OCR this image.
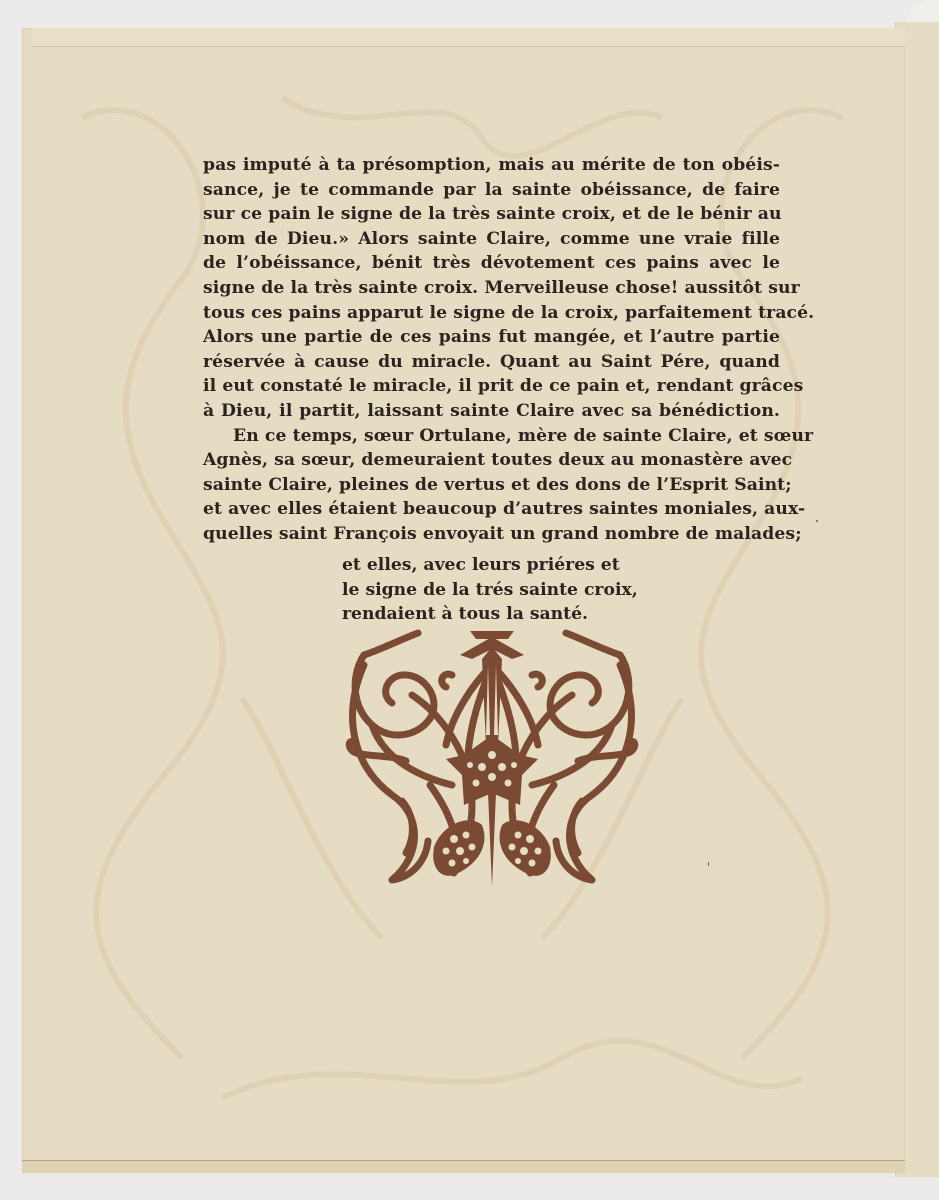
pas imputé à ta présomption, mais au mérite de ton obéis-
sance, je te commande par la sainte obéissance, de faire
sur ce pain le signe de la très sainte croix, et de le bénir au
nom de Dieu.» Alors sainte Claire, comme une vraie fille
de l’obéissance, bénit très dévotement ces pains avec le
signe de la très sainte croix. Merveilleuse chose! aussitôt sur
tous ces pains apparut le signe de la croix, parfaitement tracé.
Alors une partie de ces pains fut mangée, et l’autre partie
réservée à cause du miracle. Quant au Saint Pére, quand
il eut constaté le miracle, il prit de ce pain et, rendant grâces
à Dieu, il partit, laissant sainte Claire avec sa bénédiction.
En ce temps, sœur Ortulane, mère de sainte Claire, et sœur
Agnès, sa sœur, demeuraient toutes deux au monastère avec
sainte Claire, pleines de vertus et des dons de l’Esprit Saint;
et avec elles étaient beaucoup d’autres saintes moniales, aux-
quelles saint François envoyait un grand nombre de malades;
et elles, avec leurs priéres et
le signe de la trés sainte croix,
rendaient à tous la santé.
